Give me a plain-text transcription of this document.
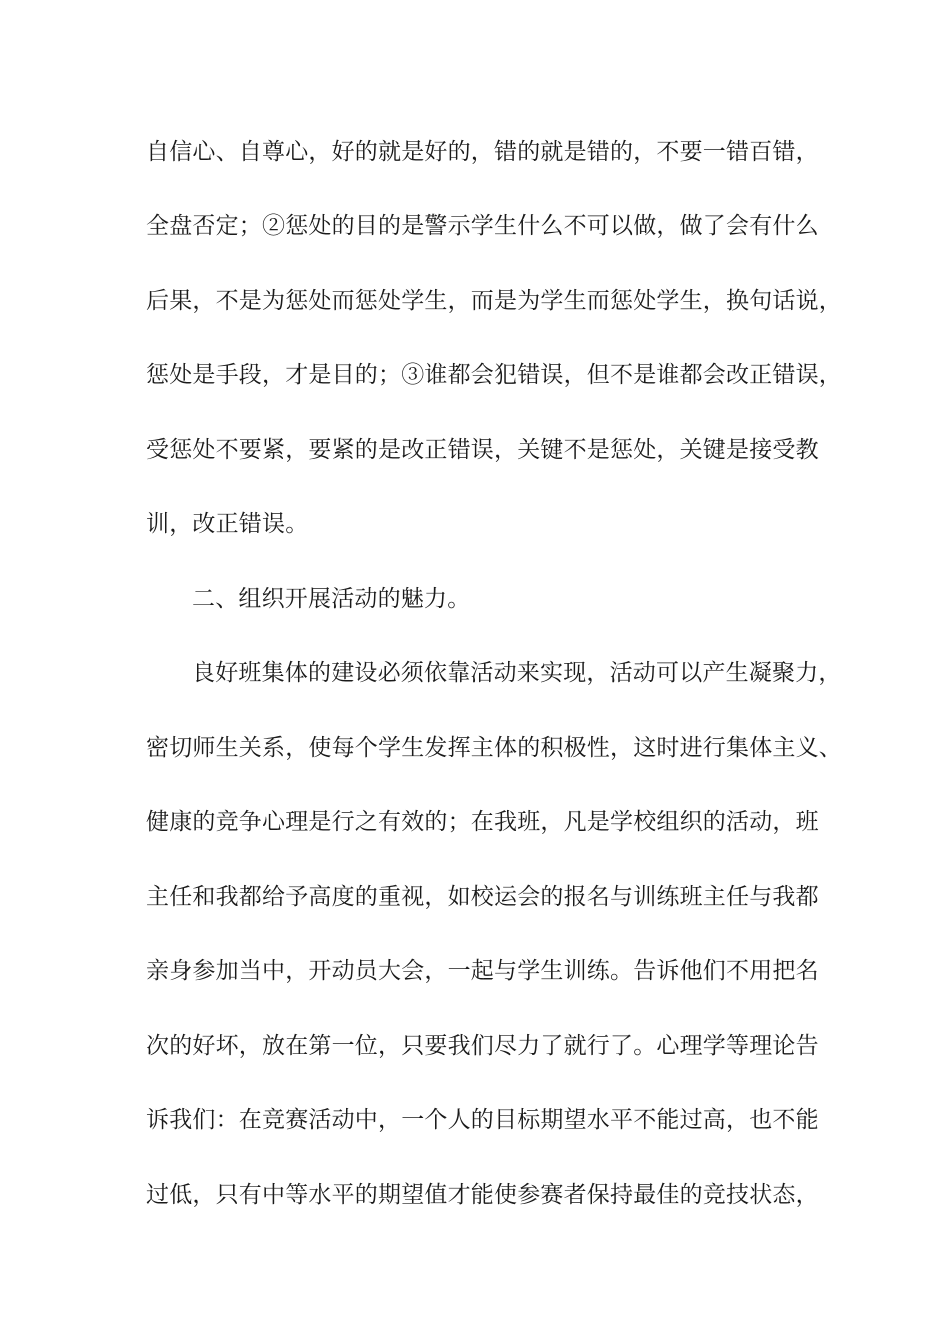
自信心、自尊心，好的就是好的，错的就是错的，不要一错百错，
全盘否定；②惩处的目的是警示学生什么不可以做，做了会有什么
后果，不是为惩处而惩处学生，而是为学生而惩处学生，换句话说，
惩处是手段，才是目的；③谁都会犯错误，但不是谁都会改正错误，
受惩处不要紧，要紧的是改正错误，关键不是惩处，关键是接受教
训，改正错误。
二、组织开展活动的魅力。
良好班集体的建设必须依靠活动来实现，活动可以产生凝聚力，
密切师生关系，使每个学生发挥主体的积极性，这时进行集体主义、
健康的竞争心理是行之有效的；在我班，凡是学校组织的活动，班
主任和我都给予高度的重视，如校运会的报名与训练班主任与我都
亲身参加当中，开动员大会，一起与学生训练。告诉他们不用把名
次的好坏，放在第一位，只要我们尽力了就行了。心理学等理论告
诉我们：在竞赛活动中，一个人的目标期望水平不能过高，也不能
过低，只有中等水平的期望值才能使参赛者保持最佳的竞技状态，
